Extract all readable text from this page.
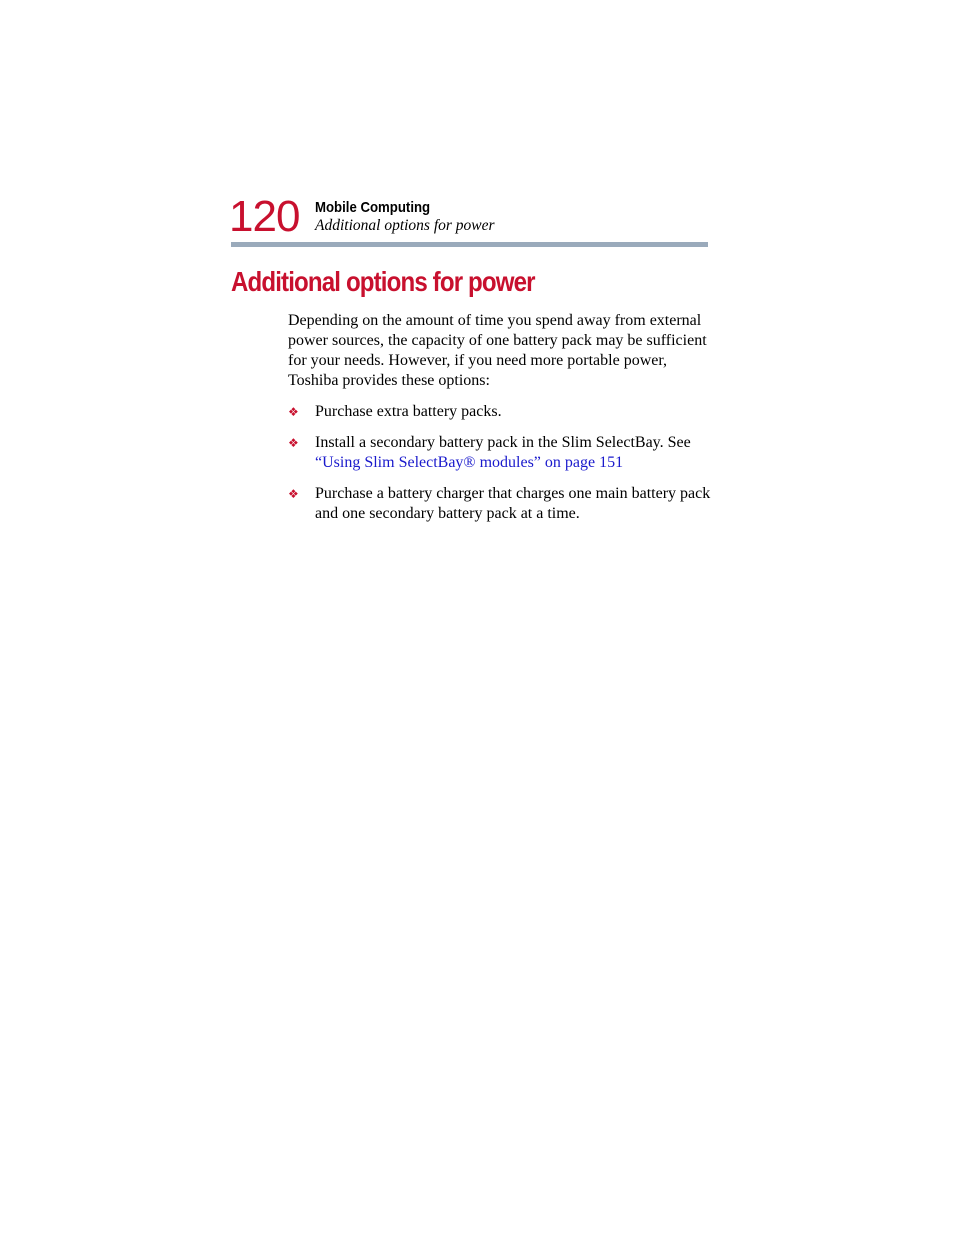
120 Mobile Computing
Additional options for power
Additional options for power

Depending on the amount of time you spend away from external power sources, the capacity of one battery pack may be sufficient for your needs. However, if you need more portable power, Toshiba provides these options:

❖ Purchase extra battery packs.
❖ Install a secondary battery pack in the Slim SelectBay. See “Using Slim SelectBay® modules” on page 151
❖ Purchase a battery charger that charges one main battery pack and one secondary battery pack at a time.
